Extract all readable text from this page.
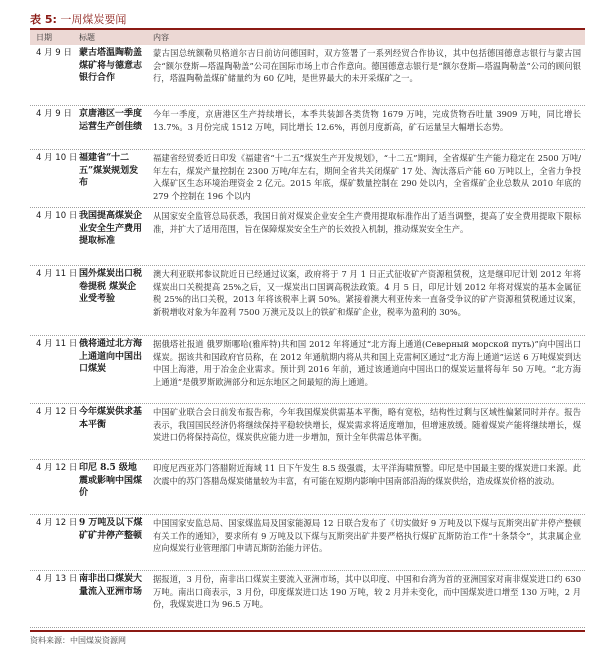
表 5: 一周煤炭要闻
日期	标题	内容
4 月 9 日 蒙古塔温陶勒盖煤矿将与德意志银行合作
蒙古国总统额勒贝格道尔吉日前访问德国时，双方签署了一系列经贸合作协议，其中包括德国德意志银行与蒙古国会“额尔登斯—塔温陶勒盖”公司在国际市场上市合作意向。德国德意志银行是“额尔登斯—塔温陶勒盖”公司的顾问银行，塔温陶勒盖煤矿储量约为 60 亿吨，是世界最大的未开采煤矿之一。
4 月 9 日 京唐港区一季度运营生产创佳绩
今年一季度，京唐港区生产持续增长，本季共装卸各类货物 1679 万吨，完成货物吞吐量 3909 万吨，同比增长 13.7%。3 月份完成 1512 万吨，同比增长 12.6%，再创月度新高，矿石运量呈大幅增长态势。
4 月 10 日 福建省“十二五”煤炭规划发布
福建省经贸委近日印发《福建省“十二五”煤炭生产开发规划》，“十二五”期间，全省煤矿生产能力稳定在 2500 万吨/年左右，煤炭产量控制在 2300 万吨/年左右，期间全省共关闭煤矿 17 处、淘汰落后产能 60 万吨以上，全省力争投入煤矿区生态环境治理资金 2 亿元。2015 年底，煤矿数量控制在 290 处以内，全省煤矿企业总数从 2010 年底的 279 个控制在 196 个以内
4 月 10 日 我国提高煤炭企业安全生产费用提取标准
从国家安全监管总局获悉，我国日前对煤炭企业安全生产费用提取标准作出了适当调整，提高了安全费用提取下限标准，并扩大了适用范围，旨在保障煤炭安全生产的长效投入机制，推动煤炭安全生产。
4 月 11 日 国外煤炭出口税卷提税 煤炭企业受考验
澳大利亚联邦参议院近日已经通过议案，政府将于 7 月 1 日正式征收矿产资源租赁税，这是继印尼计划 2012 年将煤炭出口关税提高 25%之后，又一煤炭出口国调高税法政策。4 月 5 日，印尼计划 2012 年将对煤炭的基本金属征税 25%的出口关税，2013 年将该税率上调 50%。紧接着澳大利亚传来一直备受争议的矿产资源租赁税通过议案，新税增收对象为年盈利 7500 万澳元及以上的铁矿和煤矿企业，税率为盈利的 30%。
4 月 11 日 俄将通过北方海上通道向中国出口煤炭
据俄塔社报道 俄罗斯哪哈(雅库特)共和国 2012 年将通过“北方海上通道(Северный морской путь)”向中国出口煤炭。据该共和国政府官员称，在 2012 年通航期内将从共和国上克雷柯区通过“北方海上通道”运送 6 万吨煤炭到达中国上海港，用于冶金企业需求。预计到 2016 年前，通过该通道向中国出口的煤炭运量将每年 50 万吨。“北方海上通道”是俄罗斯欧洲部分和远东地区之间最短的海上通道。
4 月 12 日 今年煤炭供求基本平衡
中国矿业联合会日前发布报告称，今年我国煤炭供需基本平衡，略有宽松，结构性过剩与区域性偏紧同时并存。报告表示，我国国民经济仍将继续保持平稳较快增长，煤炭需求将适度增加，但增速放缓。随着煤炭产能将继续增长，煤炭进口仍将保持高位，煤炭供应能力进一步增加，预计全年供需总体平衡。
4 月 12 日 印尼 8.5 级地震或影响中国煤价
印度尼西亚苏门答腊附近海域 11 日下午发生 8.5 级强震，太平洋海啸预警。印尼是中国最主要的煤炭进口来源。此次震中的苏门答腊岛煤炭储量较为丰富，有可能在短期内影响中国南部沿海的煤炭供给，造成煤炭价格的波动。
4 月 12 日 9 万吨及以下煤矿矿井停产整顿
中国国家安监总局、国家煤监局及国家能源局 12 日联合发布了《切实做好 9 万吨及以下煤与瓦斯突出矿井停产整顿有关工作的通知》，要求所有 9 万吨及以下煤与瓦斯突出矿井要严格执行煤矿瓦斯防治工作“十条禁令”，其隶属企业应向煤炭行业管理部门申请瓦斯防治能力评估。
4 月 13 日 南非出口煤炭大量流入亚洲市场
据报道，3 月份，南非出口煤炭主要流入亚洲市场，其中以印度、中国和台湾为首的亚洲国家对南非煤炭进口约 630 万吨。南出口商表示，3 月份，印度煤炭进口达 190 万吨，较 2 月并未变化，而中国煤炭进口增至 130 万吨，2 月份，我煤炭进口为 96.5 万吨。
资料来源：中国煤炭资源网
